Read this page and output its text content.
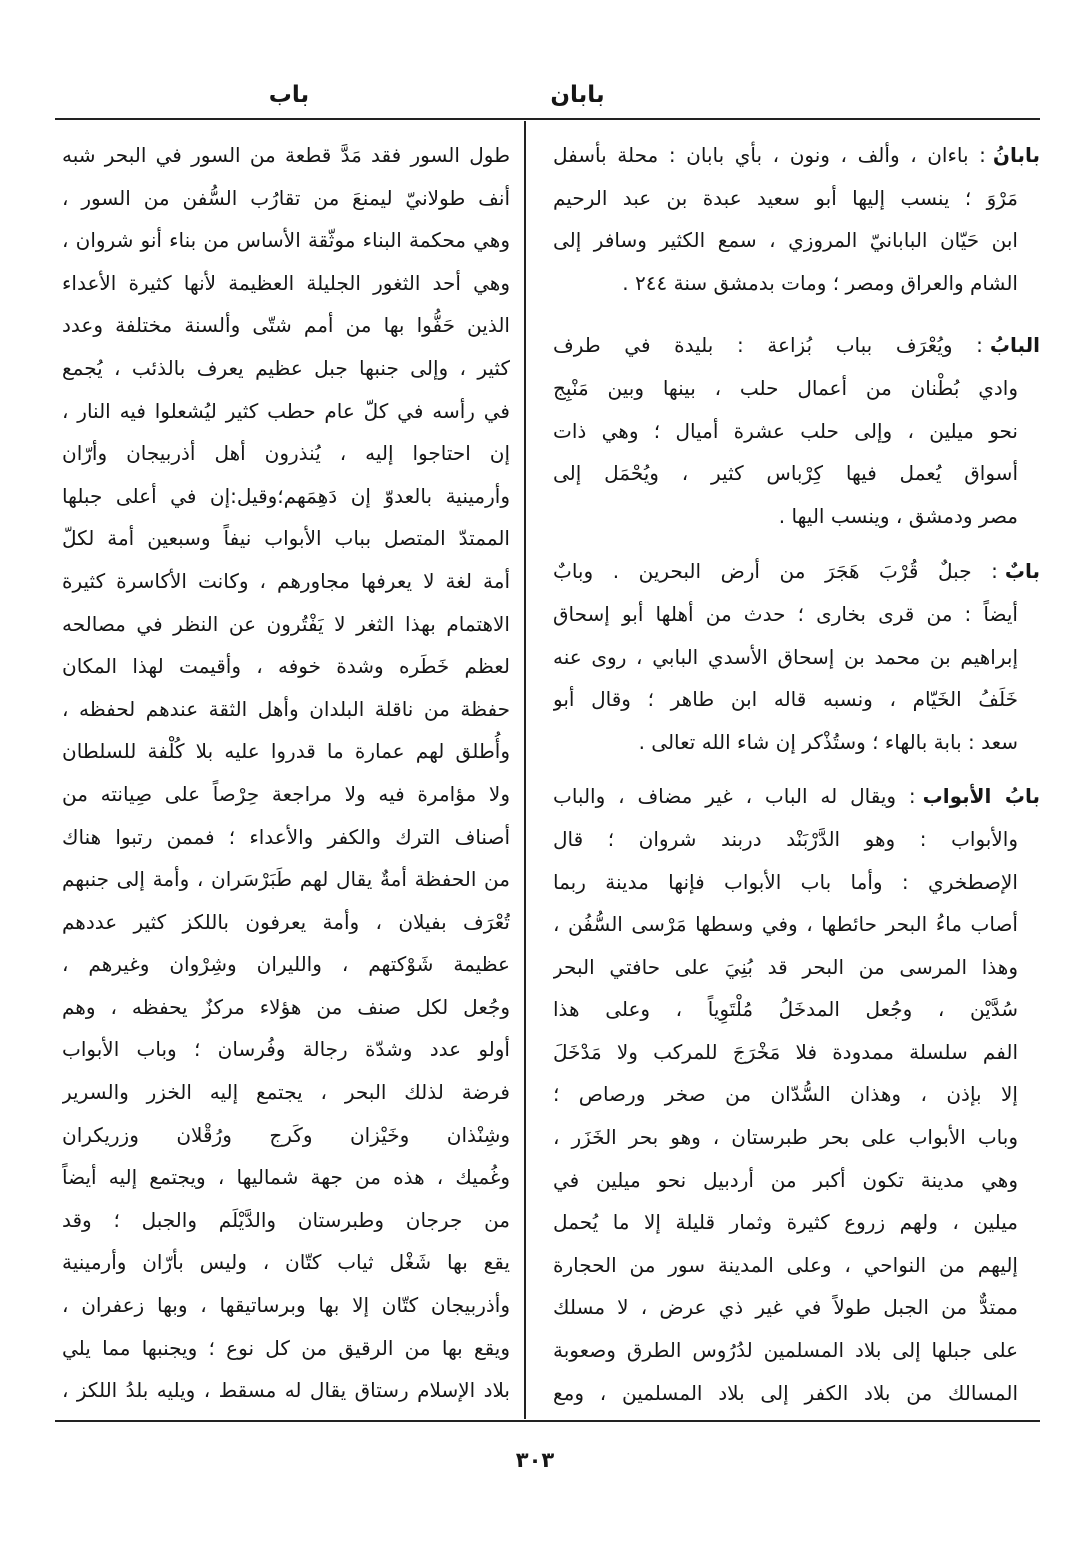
بابان
باب
بابانُ: باءان ، وألف ، ونون ، بأي بابان : محلة بأسفل
مَرْوَ ؛ ينسب إليها أبو سعيد عبدة بن عبد الرحيم
ابن حَيّان البابانيّ المروزي ، سمع الكثير وسافر إلى
الشام والعراق ومصر ؛ ومات بدمشق سنة ٢٤٤ .
البابُ: ويُعْرَف بباب بُزاعة : بليدة في طرف
وادي بُطْنان من أعمال حلب ، بينها وبين مَنْبِج
نحو ميلين ، وإلى حلب عشرة أميال ؛ وهي ذات
أسواق يُعمل فيها كِرْباس كثير ، ويُحْمَل إلى
مصر ودمشق ، وينسب اليها .
بابٌ: جبلٌ قُرْبَ هَجَرَ من أرض البحرين . وبابٌ
أيضاً : من قرى بخارى ؛ حدث من أهلها أبو إسحاق
إبراهيم بن محمد بن إسحاق الأسدي البابي ، روى عنه
خَلَفُ الخَيّام ، ونسبه قاله ابن طاهر ؛ وقال أبو
سعد : بابة بالهاء ؛ وستُذْكر إن شاء الله تعالى .
بابُ الأبواب: ويقال له الباب ، غير مضاف ، والباب
والأبواب : وهو الدَّرْبَنْد دربند شروان ؛ قال
الإصطخري : وأما باب الأبواب فإنها مدينة ربما
أصاب ماءُ البحر حائطها ، وفي وسطها مَرْسى السُّفُن ،
وهذا المرسى من البحر قد بُنِيَ على حافتي البحر
سُدَّيْن ، وجُعل المدخَلُ مُلْتَوِياً ، وعلى هذا
الفم سلسلة ممدودة فلا مَخْرَجَ للمركب ولا مَدْخَلَ
إلا بإذن ، وهذان السُّدّان من صخر ورصاص ؛
وباب الأبواب على بحر طبرستان ، وهو بحر الخَزَر ،
وهي مدينة تكون أكبر من أردبيل نحو ميلين في
ميلين ، ولهم زروع كثيرة وثمار قليلة إلا ما يُحمل
إليهم من النواحي ، وعلى المدينة سور من الحجارة
ممتدٌّ من الجبل طولاً في غير ذي عرض ، لا مسلك
على جبلها إلى بلاد المسلمين لدُرُوس الطرق وصعوبة
المسالك من بلاد الكفر إلى بلاد المسلمين ، ومع
طول السور فقد مَدَّ قطعة من السور في البحر شبه
أنف طولانيّ ليمنعَ من تقارُب السُّفن من السور ،
وهي محكمة البناء موثّقة الأساس من بناء أنو شروان ،
وهي أحد الثغور الجليلة العظيمة لأنها كثيرة الأعداء
الذين حَفُّوا بها من أمم شتّى وألسنة مختلفة وعدد
كثير ، وإلى جنبها جبل عظيم يعرف بالذئب ، يُجمع
في رأسه في كلّ عام حطب كثير ليُشعلوا فيه النار ،
إن احتاجوا إليه ، يُنذرون أهل أذربيجان وأرّان
وأرمينية بالعدوّ إن دَهِمَهم؛وقيل:إن في أعلى جبلها
الممتدّ المتصل بباب الأبواب نيفاً وسبعين أمة لكلّ
أمة لغة لا يعرفها مجاورهم ، وكانت الأكاسرة كثيرة
الاهتمام بهذا الثغر لا يَفْتُرون عن النظر في مصالحه
لعظم خَطَره وشدة خوفه ، وأقيمت لهذا المكان
حفظة من ناقلة البلدان وأهل الثقة عندهم لحفظه ،
وأُطلق لهم عمارة ما قدروا عليه بلا كُلْفة للسلطان
ولا مؤامرة فيه ولا مراجعة حِرْصاً على صِيانته من
أصناف الترك والكفر والأعداء ؛ فممن رتبوا هناك
من الحفظة أمةٌ يقال لهم طَبَرْسَران ، وأمة إلى جنبهم
تُعْرَف بفيلان ، وأمة يعرفون باللكز كثير عددهم
عظيمة شَوْكتهم ، والليران وشِرْوان وغيرهم ،
وجُعل لكل صنف من هؤلاء مركزٌ يحفظه ، وهم
أولو عدد وشدّة رجالة وفُرسان ؛ وباب الأبواب
فرضة لذلك البحر ، يجتمع إليه الخزر والسرير
وشِنْذان وخَيْزان وكَرج ورُقْلان وزريكران
وغُميك ، هذه من جهة شماليها ، ويجتمع إليه أيضاً
من جرجان وطبرستان والدَّيْلَم والجبل ؛ وقد
يقع بها شَغْل ثياب كتّان ، وليس بأرّان وأرمينية
وأذربيجان كتّان إلا بها وبرساتيقها ، وبها زعفران ،
ويقع بها من الرقيق من كل نوع ؛ ويجنبها مما يلي
بلاد الإسلام رستاق يقال له مسقط ، ويليه بلدُ اللكز ،
٣٠٣
